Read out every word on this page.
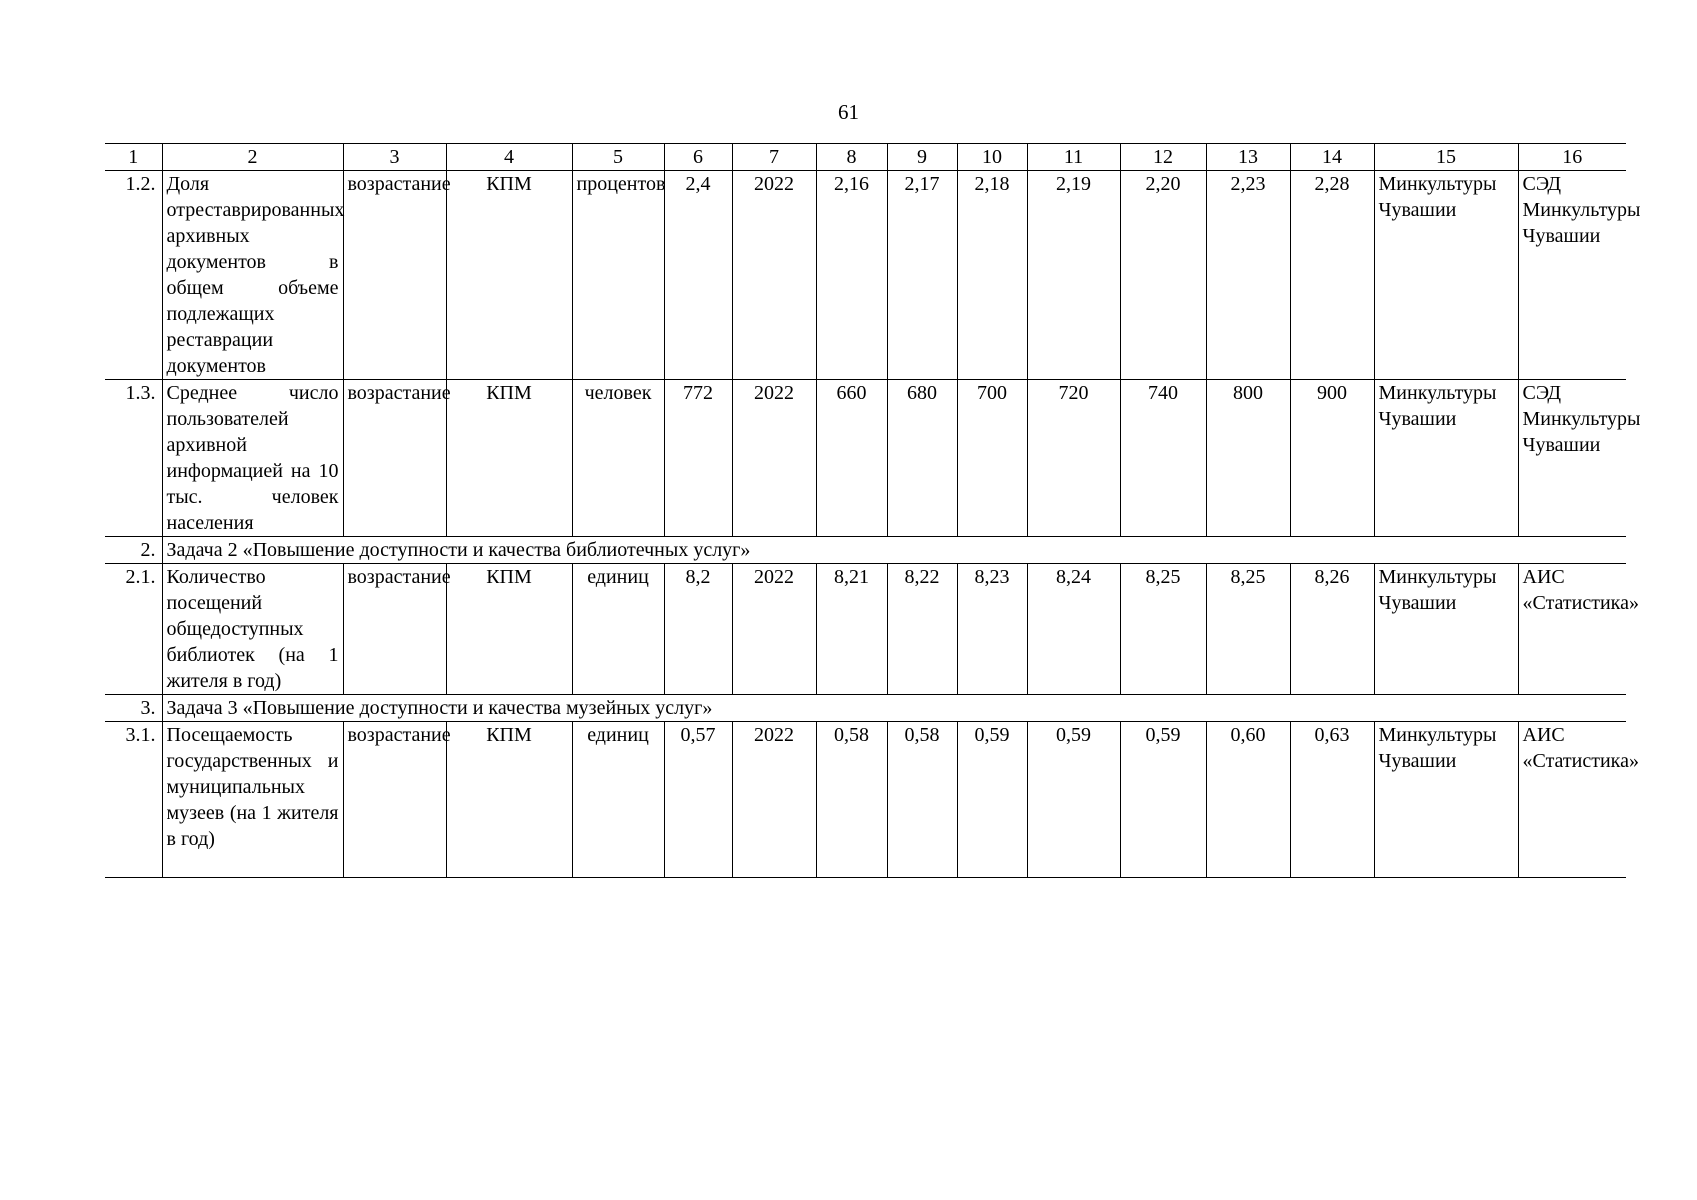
61
1	2	3	4	5	6	7	8	9	10	11	12	13	14	15	16
1.2.	Доля отреставрированных архивных документов в общем объеме подлежащих реставрации документов	возрастание	КПМ	процентов	2,4	2022	2,16	2,17	2,18	2,19	2,20	2,23	2,28	Минкультуры Чувашии	СЭД Минкультуры Чувашии
1.3.	Среднее число пользователей архивной информацией на 10 тыс. человек населения	возрастание	КПМ	человек	772	2022	660	680	700	720	740	800	900	Минкультуры Чувашии	СЭД Минкультуры Чувашии
2.	Задача 2 «Повышение доступности и качества библиотечных услуг»														
2.1.	Количество посещений общедоступных библиотек (на 1 жителя в год)	возрастание	КПМ	единиц	8,2	2022	8,21	8,22	8,23	8,24	8,25	8,25	8,26	Минкультуры Чувашии	АИС «Статистика»
3.	Задача 3 «Повышение доступности и качества музейных услуг»														
3.1.	Посещаемость государственных и муниципальных музеев (на 1 жителя в год)	возрастание	КПМ	единиц	0,57	2022	0,58	0,58	0,59	0,59	0,59	0,60	0,63	Минкультуры Чувашии	АИС «Статистика»
